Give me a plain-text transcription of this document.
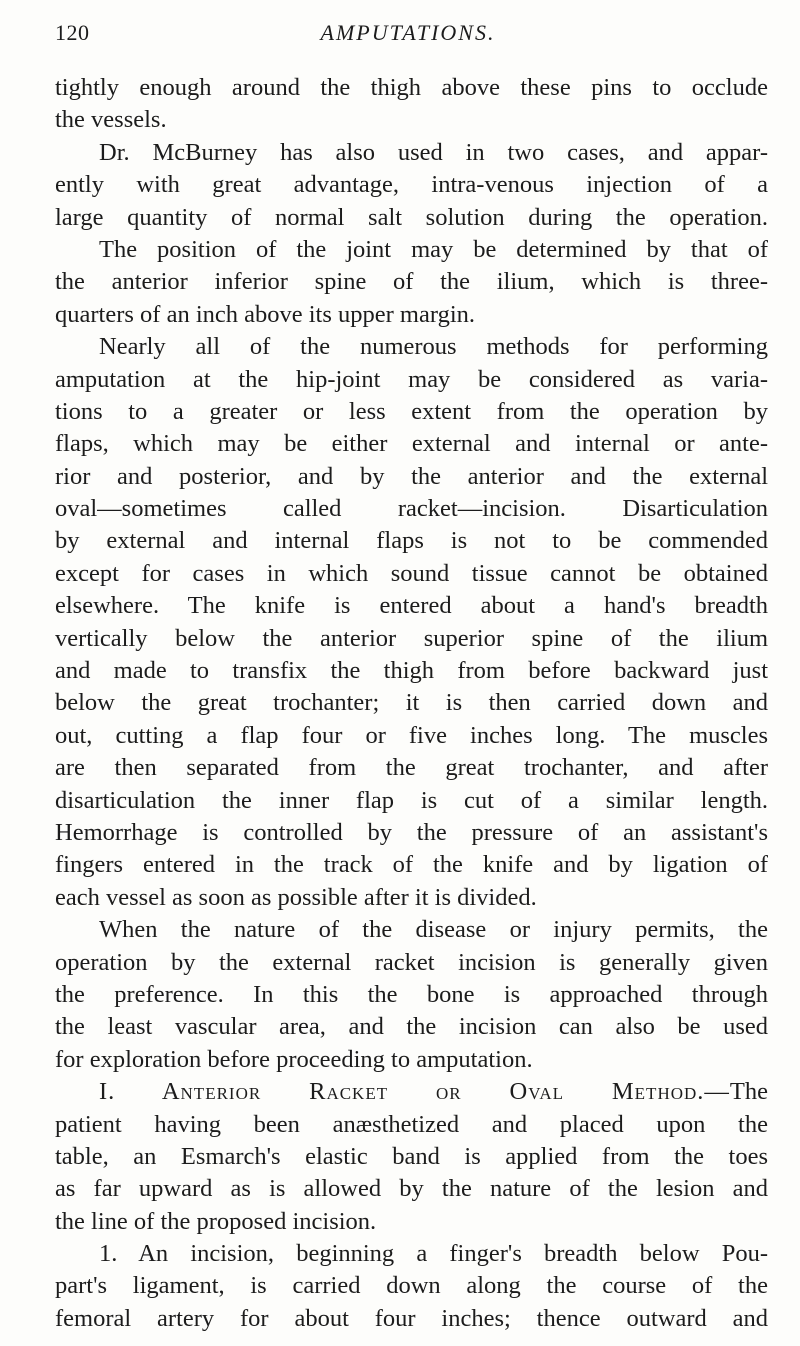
120	AMPUTATIONS.
tightly enough around the thigh above these pins to occlude
the vessels.
Dr. McBurney has also used in two cases, and appar-
ently with great advantage, intra-venous injection of a
large quantity of normal salt solution during the operation.
The position of the joint may be determined by that of
the anterior inferior spine of the ilium, which is three-
quarters of an inch above its upper margin.
Nearly all of the numerous methods for performing
amputation at the hip-joint may be considered as varia-
tions to a greater or less extent from the operation by
flaps, which may be either external and internal or ante-
rior and posterior, and by the anterior and the external
oval—sometimes called racket—incision. Disarticulation
by external and internal flaps is not to be commended
except for cases in which sound tissue cannot be obtained
elsewhere. The knife is entered about a hand's breadth
vertically below the anterior superior spine of the ilium
and made to transfix the thigh from before backward just
below the great trochanter; it is then carried down and
out, cutting a flap four or five inches long. The muscles
are then separated from the great trochanter, and after
disarticulation the inner flap is cut of a similar length.
Hemorrhage is controlled by the pressure of an assistant's
fingers entered in the track of the knife and by ligation of
each vessel as soon as possible after it is divided.
When the nature of the disease or injury permits, the
operation by the external racket incision is generally given
the preference. In this the bone is approached through
the least vascular area, and the incision can also be used
for exploration before proceeding to amputation.
I. Anterior Racket or Oval Method.—The
patient having been anæsthetized and placed upon the
table, an Esmarch's elastic band is applied from the toes
as far upward as is allowed by the nature of the lesion and
the line of the proposed incision.
1. An incision, beginning a finger's breadth below Pou-
part's ligament, is carried down along the course of the
femoral artery for about four inches; thence outward and
